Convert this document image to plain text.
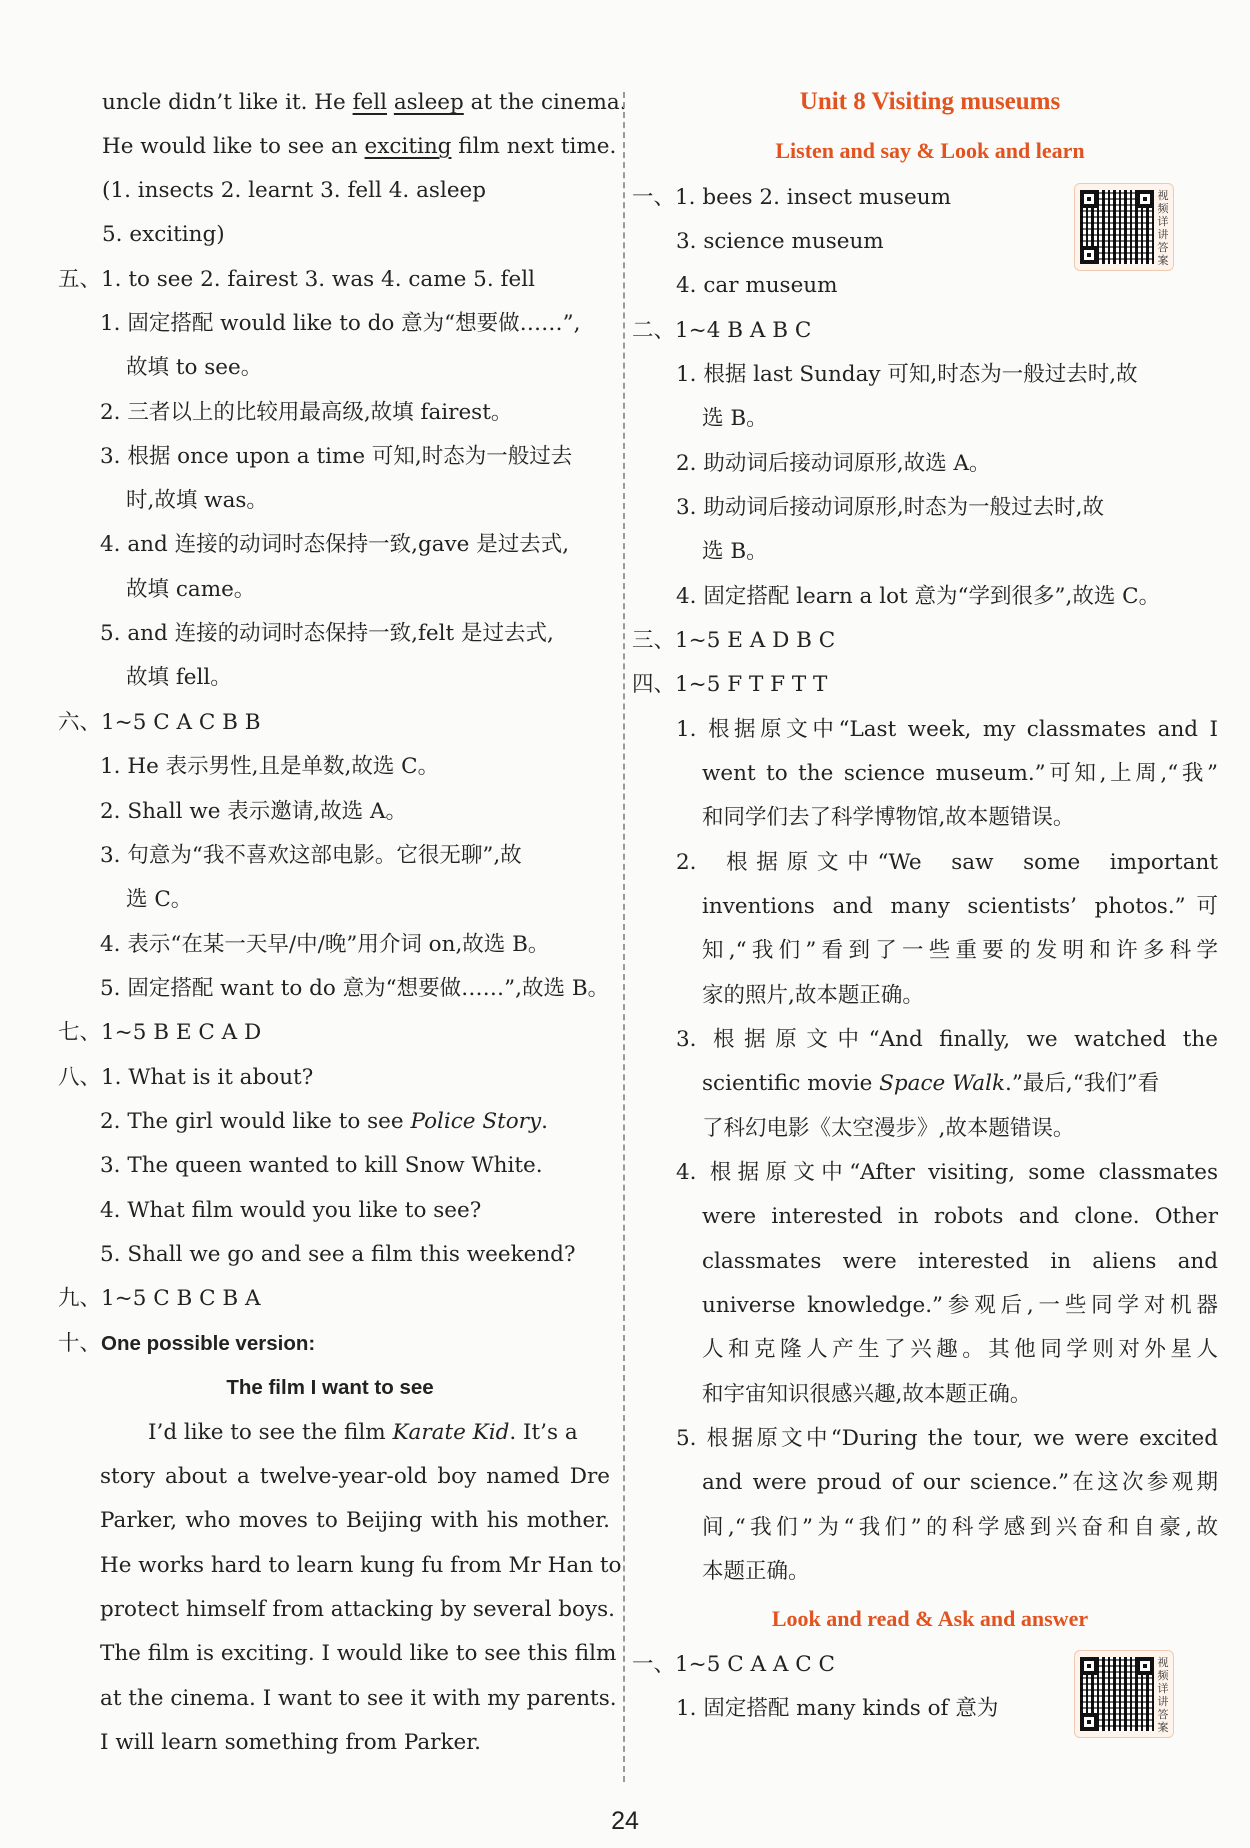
uncle didn’t like it. He fell asleep at the cinema.
He would like to see an exciting film next time.
(1. insects 2. learnt 3. fell 4. asleep
5. exciting)
五、1. to see 2. fairest 3. was 4. came 5. fell
1. 固定搭配 would like to do 意为“想要做……”,
故填 to see。
2. 三者以上的比较用最高级,故填 fairest。
3. 根据 once upon a time 可知,时态为一般过去
时,故填 was。
4. and 连接的动词时态保持一致,gave 是过去式,
故填 came。
5. and 连接的动词时态保持一致,felt 是过去式,
故填 fell。
六、1~5 C A C B B
1. He 表示男性,且是单数,故选 C。
2. Shall we 表示邀请,故选 A。
3. 句意为“我不喜欢这部电影。它很无聊”,故
选 C。
4. 表示“在某一天早/中/晚”用介词 on,故选 B。
5. 固定搭配 want to do 意为“想要做……”,故选 B。
七、1~5 B E C A D
八、1. What is it about?
2. The girl would like to see Police Story.
3. The queen wanted to kill Snow White.
4. What film would you like to see?
5. Shall we go and see a film this weekend?
九、1~5 C B C B A
十、One possible version:
The film I want to see
I’d like to see the film Karate Kid. It’s a
story about a twelve-year-old boy named Dre
Parker, who moves to Beijing with his mother.
He works hard to learn kung fu from Mr Han to
protect himself from attacking by several boys.
The film is exciting. I would like to see this film
at the cinema. I want to see it with my parents.
I will learn something from Parker.
Unit 8 Visiting museums
Listen and say & Look and learn
一、1. bees 2. insect museum
3. science museum
4. car museum
视频详讲答案
二、1~4 B A B C
1. 根据 last Sunday 可知,时态为一般过去时,故
选 B。
2. 助动词后接动词原形,故选 A。
3. 助动词后接动词原形,时态为一般过去时,故
选 B。
4. 固定搭配 learn a lot 意为“学到很多”,故选 C。
三、1~5 E A D B C
四、1~5 F T F T T
1. 根据原文中“Last week, my classmates and I
went to the science museum.”可知,上周,“我”
和同学们去了科学博物馆,故本题错误。
2. 根据原文中“We saw some important
inventions and many scientists’ photos.”可
知,“我们”看到了一些重要的发明和许多科学
家的照片,故本题正确。
3. 根据原文中“And finally, we watched the
scientific movie Space Walk.”最后,“我们”看
了科幻电影《太空漫步》,故本题错误。
4. 根据原文中“After visiting, some classmates
were interested in robots and clone. Other
classmates were interested in aliens and
universe knowledge.”参观后,一些同学对机器
人和克隆人产生了兴趣。其他同学则对外星人
和宇宙知识很感兴趣,故本题正确。
5. 根据原文中“During the tour, we were excited
and were proud of our science.”在这次参观期
间,“我们”为“我们”的科学感到兴奋和自豪,故
本题正确。
Look and read & Ask and answer
一、1~5 C A A C C
1. 固定搭配 many kinds of 意为
视频详讲答案
24
